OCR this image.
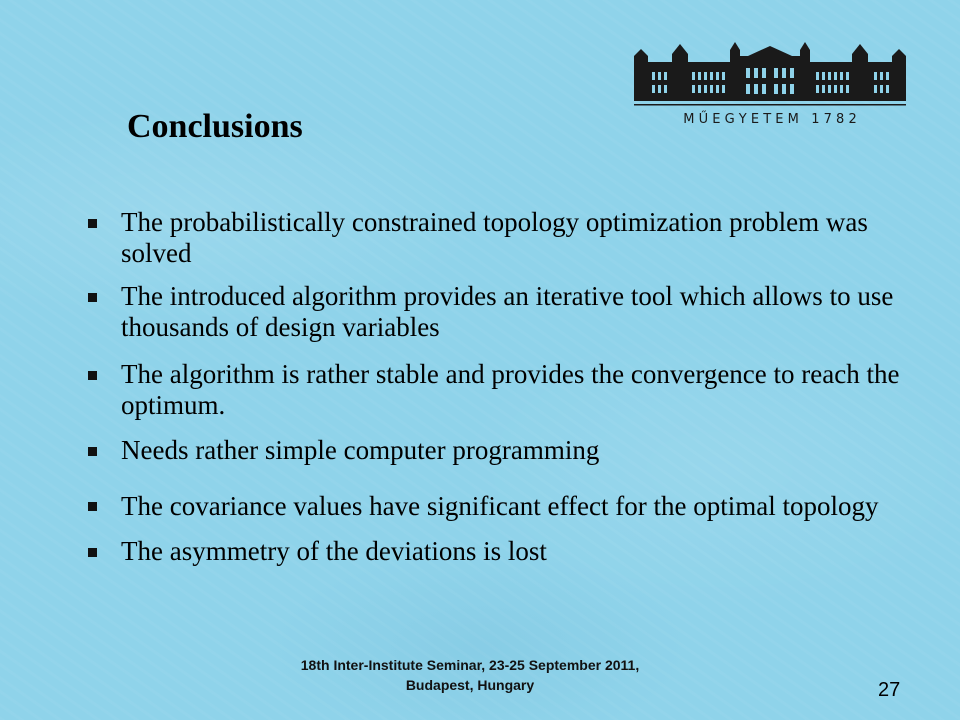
Conclusions	M Ű E G Y E T E M   1 7 8 2
The probabilistically constrained topology optimization problem was solved
The introduced algorithm provides an iterative tool which allows to use thousands of design variables
The algorithm is rather stable and provides the convergence to reach the optimum.
Needs rather simple computer programming
The covariance values have significant effect for the optimal topology
The asymmetry of the deviations is lost
18th Inter-Institute Seminar, 23-25 September 2011,
Budapest, Hungary	27
